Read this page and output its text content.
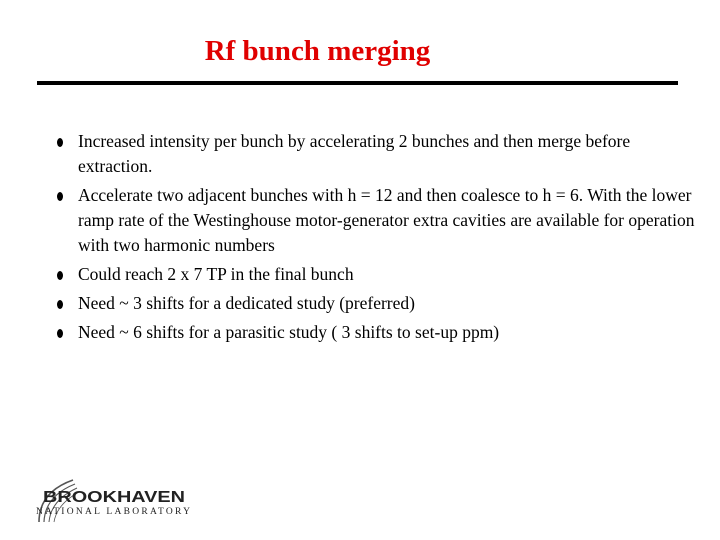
Rf bunch merging
Increased intensity per bunch by accelerating 2 bunches and then merge before extraction.
Accelerate two adjacent bunches with h = 12 and then coalesce to h = 6. With the lower ramp rate of the Westinghouse motor-generator extra cavities are available for operation with two harmonic numbers
Could reach 2 x 7 TP in the final bunch
Need ~ 3 shifts for a dedicated study (preferred)
Need ~ 6 shifts for a parasitic study ( 3 shifts to set-up ppm)
BROOKHAVEN
NATIONAL LABORATORY
